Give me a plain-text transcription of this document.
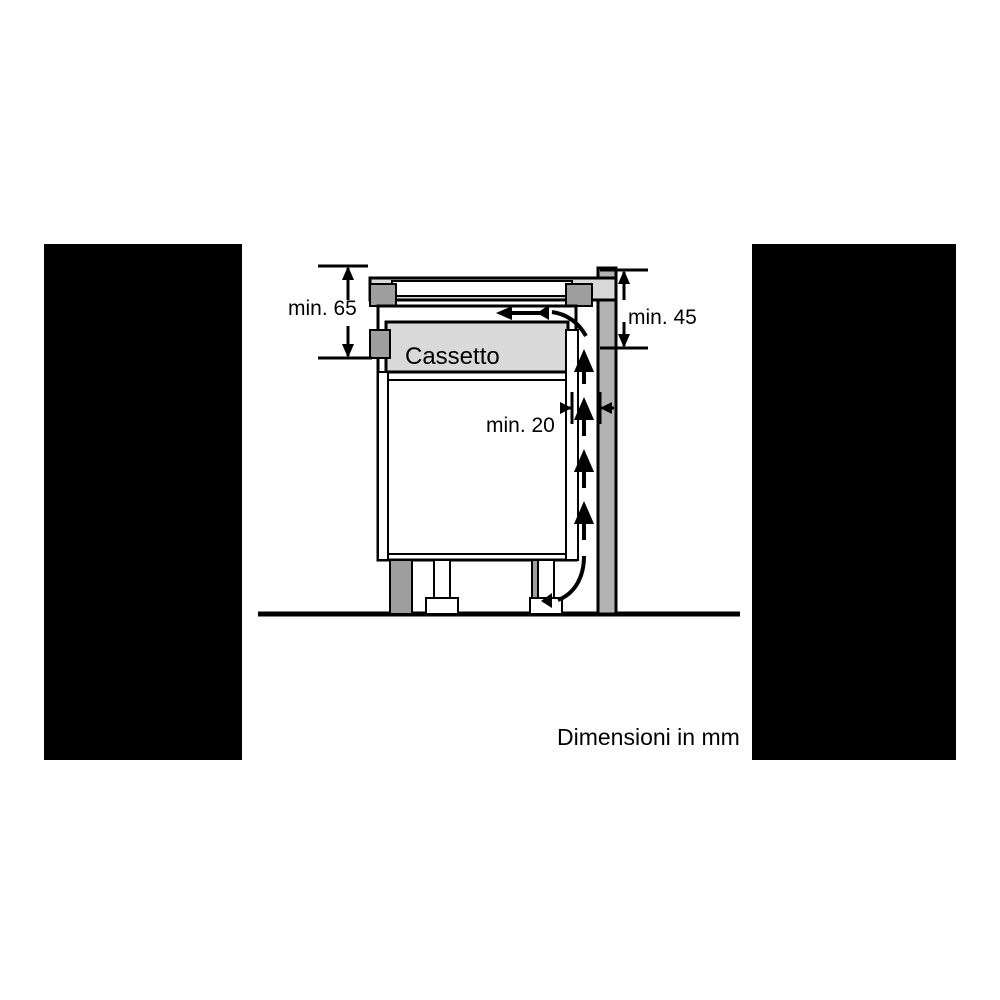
min. 65	min. 45
min. 20
Cassetto
Dimensioni in mm
